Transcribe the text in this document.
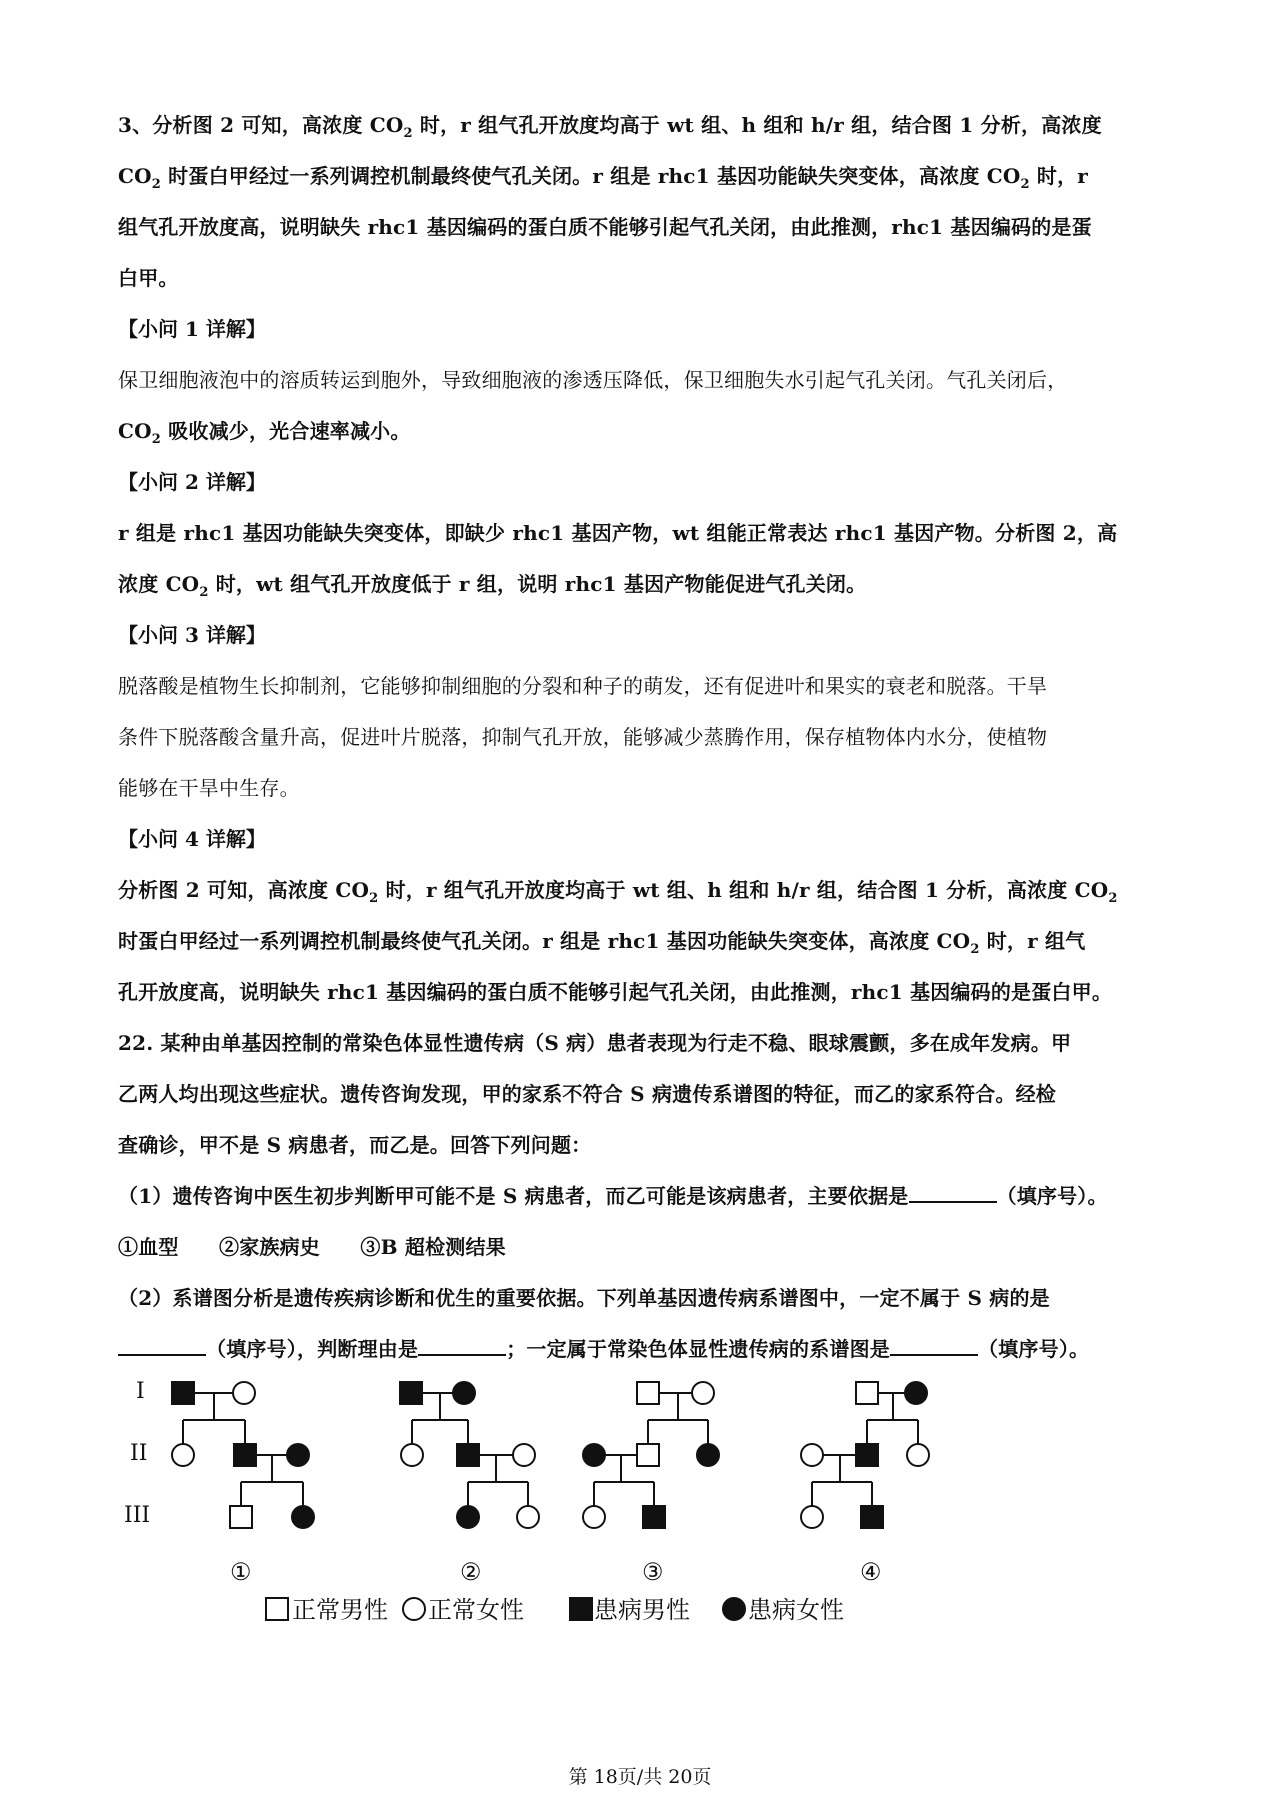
3、分析图 2 可知，高浓度 $CO_2$ 时，r 组气孔开放度均高于 wt 组、h 组和 h/r 组，结合图 1 分析，高浓度

$CO_2$ 时蛋白甲经过一系列调控机制最终使气孔关闭。r 组是 rhc1 基因功能缺失突变体，高浓度 $CO_2$ 时，r

组气孔开放度高，说明缺失 rhc1 基因编码的蛋白质不能够引起气孔关闭，由此推测，rhc1 基因编码的是蛋

白甲。

【小问 1 详解】

保卫细胞液泡中的溶质转运到胞外，导致细胞液的渗透压降低，保卫细胞失水引起气孔关闭。气孔关闭后，

$CO_2$ 吸收减少，光合速率减小。

【小问 2 详解】

r 组是 rhc1 基因功能缺失突变体，即缺少 rhc1 基因产物，wt 组能正常表达 rhc1 基因产物。分析图 2，高

浓度 $CO_2$ 时，wt 组气孔开放度低于 r 组，说明 rhc1 基因产物能促进气孔关闭。

【小问 3 详解】

脱落酸是植物生长抑制剂，它能够抑制细胞的分裂和种子的萌发，还有促进叶和果实的衰老和脱落。干旱

条件下脱落酸含量升高，促进叶片脱落，抑制气孔开放，能够减少蒸腾作用，保存植物体内水分，使植物

能够在干旱中生存。

【小问 4 详解】

分析图 2 可知，高浓度 $CO_2$ 时，r 组气孔开放度均高于 wt 组、h 组和 h/r 组，结合图 1 分析，高浓度 $CO_2$

时蛋白甲经过一系列调控机制最终使气孔关闭。r 组是 rhc1 基因功能缺失突变体，高浓度 $CO_2$ 时，r 组气

孔开放度高，说明缺失 rhc1 基因编码的蛋白质不能够引起气孔关闭，由此推测，rhc1 基因编码的是蛋白甲。

22. 某种由单基因控制的常染色体显性遗传病（S 病）患者表现为行走不稳、眼球震颤，多在成年发病。甲

乙两人均出现这些症状。遗传咨询发现，甲的家系不符合 S 病遗传系谱图的特征，而乙的家系符合。经检

查确诊，甲不是 S 病患者，而乙是。回答下列问题：

（1）遗传咨询中医生初步判断甲可能不是 S 病患者，而乙可能是该病患者，主要依据是	（填序号）。

①血型　　②家族病史　　③B 超检测结果

（2）系谱图分析是遗传疾病诊断和优生的重要依据。下列单基因遗传病系谱图中，一定不属于 S 病的是

（填序号），判断理由是	；一定属于常染色体显性遗传病的系谱图是	（填序号）。

I
II
III
①	②	③	④
正常男性 正常女性	患病男性 患病女性
第 18页/共 20页
